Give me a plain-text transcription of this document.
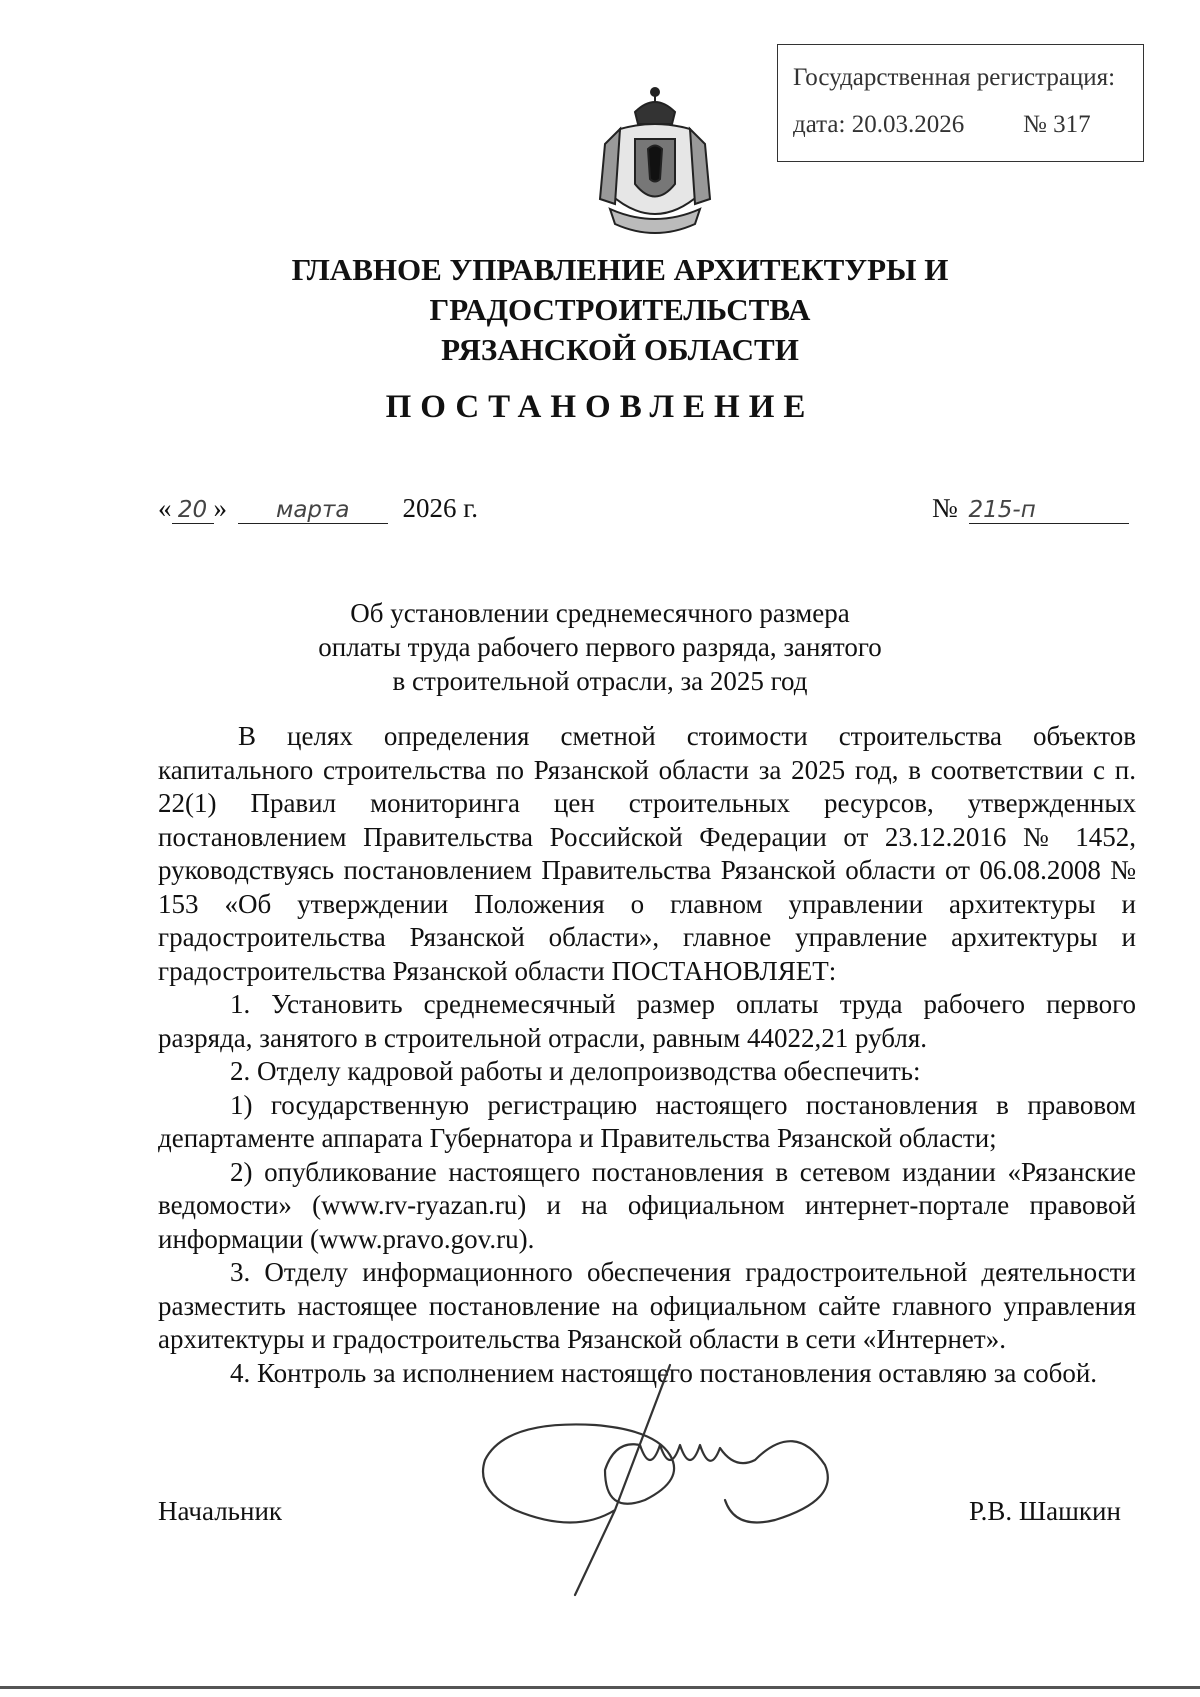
Государственная регистрация:
дата: 20.03.2026 № 317
ГЛАВНОЕ УПРАВЛЕНИЕ АРХИТЕКТУРЫ И ГРАДОСТРОИТЕЛЬСТВА
РЯЗАНСКОЙ ОБЛАСТИ
ПОСТАНОВЛЕНИЕ
« 20 » марта 2026 г.	№ 215-п
Об установлении среднемесячного размера
оплаты труда рабочего первого разряда, занятого
в строительной отрасли, за 2025 год

В целях определения сметной стоимости строительства объектов капитального строительства по Рязанской области за 2025 год, в соответствии с п. 22(1) Правил мониторинга цен строительных ресурсов, утвержденных постановлением Правительства Российской Федерации от 23.12.2016 № 1452, руководствуясь постановлением Правительства Рязанской области от 06.08.2008 № 153 «Об утверждении Положения о главном управлении архитектуры и градостроительства Рязанской области», главное управление архитектуры и градостроительства Рязанской области ПОСТАНОВЛЯЕТ:

1. Установить среднемесячный размер оплаты труда рабочего первого разряда, занятого в строительной отрасли, равным 44022,21 рубля.

2. Отделу кадровой работы и делопроизводства обеспечить:

1) государственную регистрацию настоящего постановления в правовом департаменте аппарата Губернатора и Правительства Рязанской области;

2) опубликование настоящего постановления в сетевом издании «Рязанские ведомости» (www.rv-ryazan.ru) и на официальном интернет-портале правовой информации (www.pravo.gov.ru).

3. Отделу информационного обеспечения градостроительной деятельности разместить настоящее постановление на официальном сайте главного управления архитектуры и градостроительства Рязанской области в сети «Интернет».

4. Контроль за исполнением настоящего постановления оставляю за собой.

Начальник	Р.В. Шашкин
